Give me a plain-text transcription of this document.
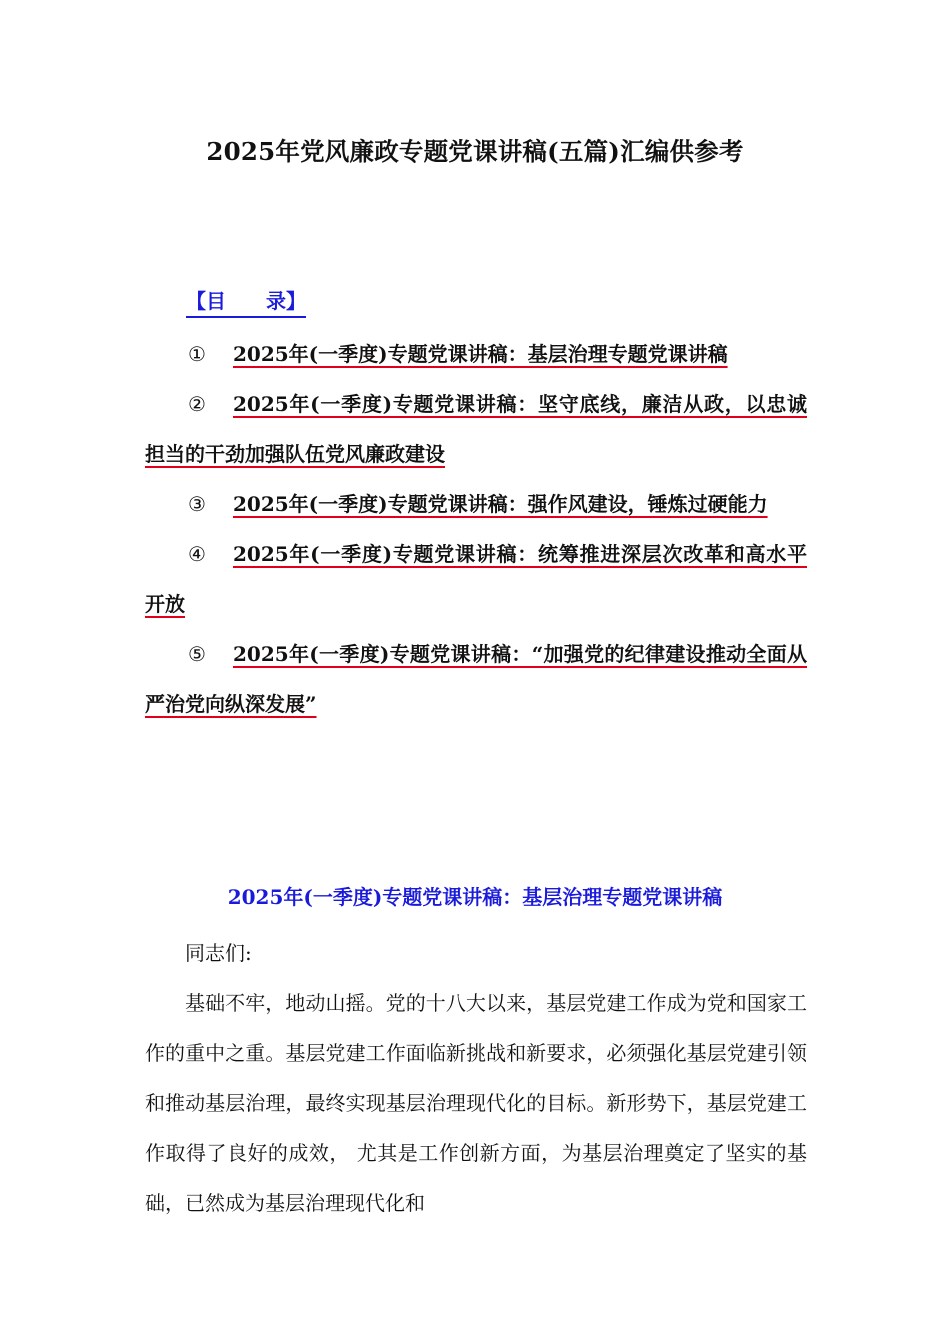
2025年党风廉政专题党课讲稿(五篇)汇编供参考
【目　　录】
① 2025年(一季度)专题党课讲稿：基层治理专题党课讲稿
② 2025年(一季度)专题党课讲稿：坚守底线，廉洁从政，以忠诚担当的干劲加强队伍党风廉政建设
③ 2025年(一季度)专题党课讲稿：强作风建设，锤炼过硬能力
④ 2025年(一季度)专题党课讲稿：统筹推进深层次改革和高水平开放
⑤ 2025年(一季度)专题党课讲稿：“加强党的纪律建设推动全面从严治党向纵深发展”
2025年(一季度)专题党课讲稿：基层治理专题党课讲稿

同志们:

基础不牢，地动山摇。党的十八大以来，基层党建工作成为党和国家工作的重中之重。基层党建工作面临新挑战和新要求，必须强化基层党建引领和推动基层治理，最终实现基层治理现代化的目标。新形势下，基层党建工作取得了良好的成效， 尤其是工作创新方面，为基层治理奠定了坚实的基础，已然成为基层治理现代化和
